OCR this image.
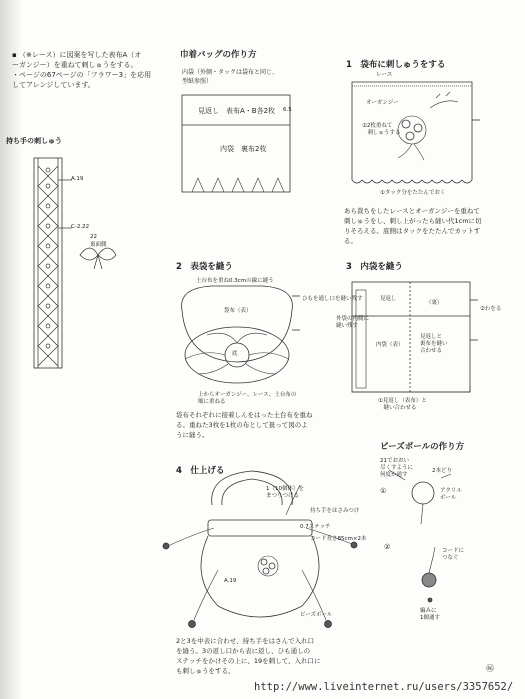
▪ （※レース）に図案を写した表布A（オ
ーガンジー）を重ねて刺しゅうをする。
・ページの67ページの「フラワー3」を応用
してアレンジしています。
持ち手の刺しゅう
A.19
C-2.22
22
裏面側
巾着バッグの作り方
内袋（外側・タックは袋布と同じ、
型紙参照）
見返し　表布A・B各2枚 6.5
内袋　裏布2枚
1　袋布に刺しゅうをする
レース
オーガンジー
②2枚重ねて
　刺しゅうする
①タック分をたたんでおく
あら裁ちをしたレースとオーガンジーを重ねて
刺しゅうをし、刺し上がったら縫い代1cmに切
りそろえる。底側はタックをたたんでカットす
る。
2　表袋を縫う
土台布を重ね0.3cmの線に縫う
袋布（表）
底
ひもを通し口を縫い残す
上からオーガンジー、レース、土台布の
順に重ねる
袋布それぞれに接着しんをはった土台布を重ね
る。重ねた3枚を1枚の布として扱って図のよ
うに縫う。
3　内袋を縫う
見返し
（裏）
内袋（表）
②わをる
見返しと
裏布を縫い
合わせる
外袋の内側に
縫い残す
①見返し（表布）と
　縫い合わせる
4　仕上げる
1（10個体）を
まつりつける
持ち手をはさみつけ
0.7ステッチ
コード長さ85cm×2本
A.19
ビーズボール
2と3を中表に合わせ、持ち手をはさんで入れ口
を縫う。3の返し口から表に返し、ひも通しの
ステッチをかけその上に、19を刺して、入れ口に
も刺しゅうをする。
ビーズボールの作り方
21でおおい
尽くすように
何度か通す
2本どり
アクリル
ボール
①
②	コードに
つなぐ
編みに
1個通す
㊻
http://www.liveinternet.ru/users/3357652/
